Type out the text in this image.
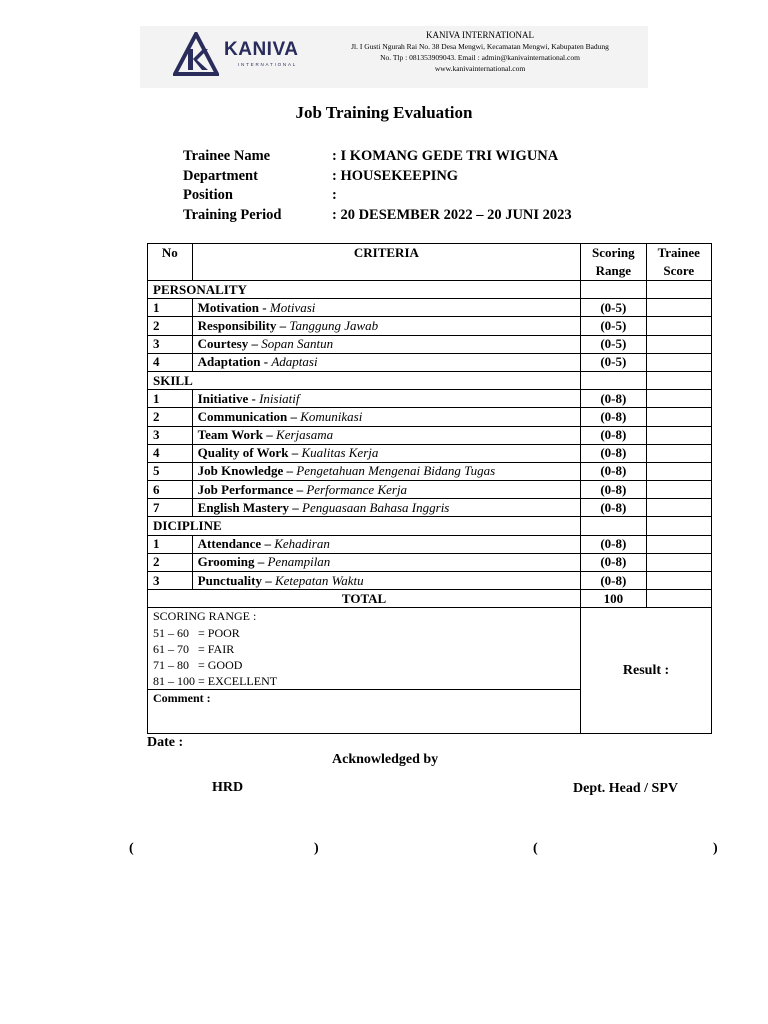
KANIVA
INTERNATIONAL
KANIVA INTERNATIONAL
Jl. I Gusti Ngurah Rai No. 38 Desa Mengwi, Kecamatan Mengwi, Kabupaten Badung
No. Tlp : 081353909043. Email : admin@kanivainternational.com
www.kanivainternational.com
Job Training Evaluation
Trainee Name	: I KOMANG GEDE TRI WIGUNA
Department	: HOUSEKEEPING
Position	:
Training Period	: 20 DESEMBER 2022 – 20 JUNI 2023
No	CRITERIA	Scoring Range	Trainee Score
PERSONALITY			
1	Motivation - Motivasi	(0-5)	
2	Responsibility – Tanggung Jawab	(0-5)	
3	Courtesy – Sopan Santun	(0-5)	
4	Adaptation - Adaptasi	(0-5)	
SKILL			
1	Initiative - Inisiatif	(0-8)	
2	Communication – Komunikasi	(0-8)	
3	Team Work – Kerjasama	(0-8)	
4	Quality of Work – Kualitas Kerja	(0-8)	
5	Job Knowledge – Pengetahuan Mengenai Bidang Tugas	(0-8)	
6	Job Performance – Performance Kerja	(0-8)	
7	English Mastery – Penguasaan Bahasa Inggris	(0-8)	
DICIPLINE			
1	Attendance – Kehadiran	(0-8)	
2	Grooming – Penampilan	(0-8)	
3	Punctuality – Ketepatan Waktu	(0-8)	
TOTAL		100	

SCORING RANGE :
51 – 60   = POOR
61 – 70   = FAIR
71 – 80   = GOOD
81 – 100 = EXCELLENT		Result :	
Comment :			
Date :
Acknowledged by
HRD	Dept. Head / SPV
(	)	(	)
